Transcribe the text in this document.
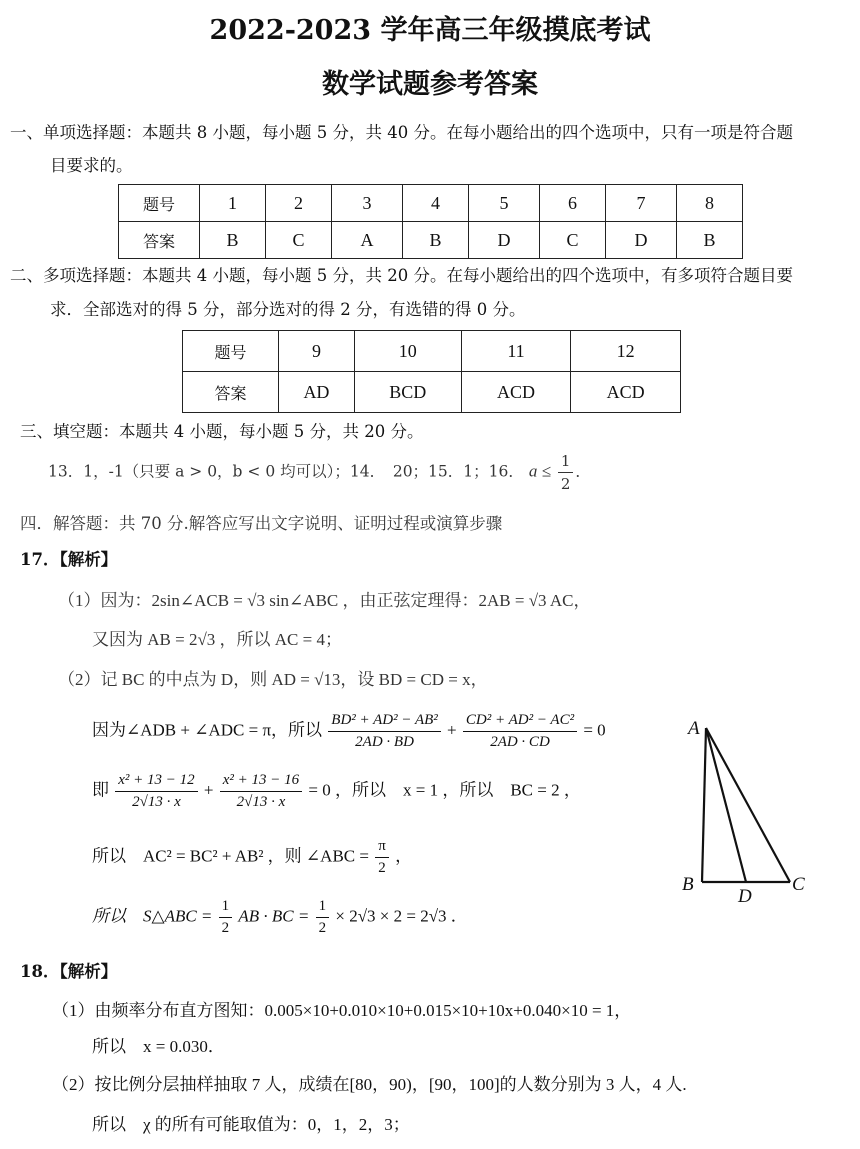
2022-2023 学年高三年级摸底考试
数学试题参考答案
一、单项选择题：本题共 8 小题，每小题 5 分，共 40 分。在每小题给出的四个选项中，只有一项是符合题
目要求的。
题号	1	2	3	4	5	6	7	8
答案	B	C	A	B	D	C	D	B
二、多项选择题：本题共 4 小题，每小题 5 分，共 20 分。在每小题给出的四个选项中，有多项符合题目要
求．全部选对的得 5 分，部分选对的得 2 分，有选错的得 0 分。
题号	9	10	11	12
答案	AD	BCD	ACD	ACD
三、填空题：本题共 4 小题，每小题 5 分，共 20 分。
13．1，-1（只要 a > 0，b < 0 均可以）；14．　20；15．1；16． $a \le \frac{1}{2}$ ．
四．解答题：共 70 分.解答应写出文字说明、证明过程或演算步骤
17．【解析】
（1）因为：2sin∠ACB = √3 sin∠ABC ，由正弦定理得：2AB = √3 AC，
又因为 AB = 2√3 ，所以 AC = 4；
（2）记 BC 的中点为 D，则 AD = √13，设 BD = CD = x，
因为∠ADB + ∠ADC = π，所以 $\frac{\text{BD² + AD² − AB²}}{2AD \cdot BD} + \frac{\text{CD² + AD² − AC²}}{2AD \cdot CD} = 0$
即 $\frac{\text{x² + 13 − 12}}{2√13 \cdot x} + \frac{\text{x² + 13 − 16}}{2√13 \cdot x} = 0$ ，所以　x = 1 ，所以　BC = 2 ，
所以　AC² = BC² + AB² ，则 ∠ABC = $\frac{\pi}{2}$ ，
所以　S△ABC = $\frac{1}{2}$ AB · BC = $\frac{1}{2} \times 2√3 \times 2 = 2√3$ ．
A
B	C
D
18．【解析】
（1）由频率分布直方图知：0.005×10+0.010×10+0.015×10+10x+0.040×10 = 1，
所以　x = 0.030．
（2）按比例分层抽样抽取 7 人，成绩在[80，90)，[90，100]的人数分别为 3 人，4 人.
所以　χ 的所有可能取值为：0，1，2，3；
